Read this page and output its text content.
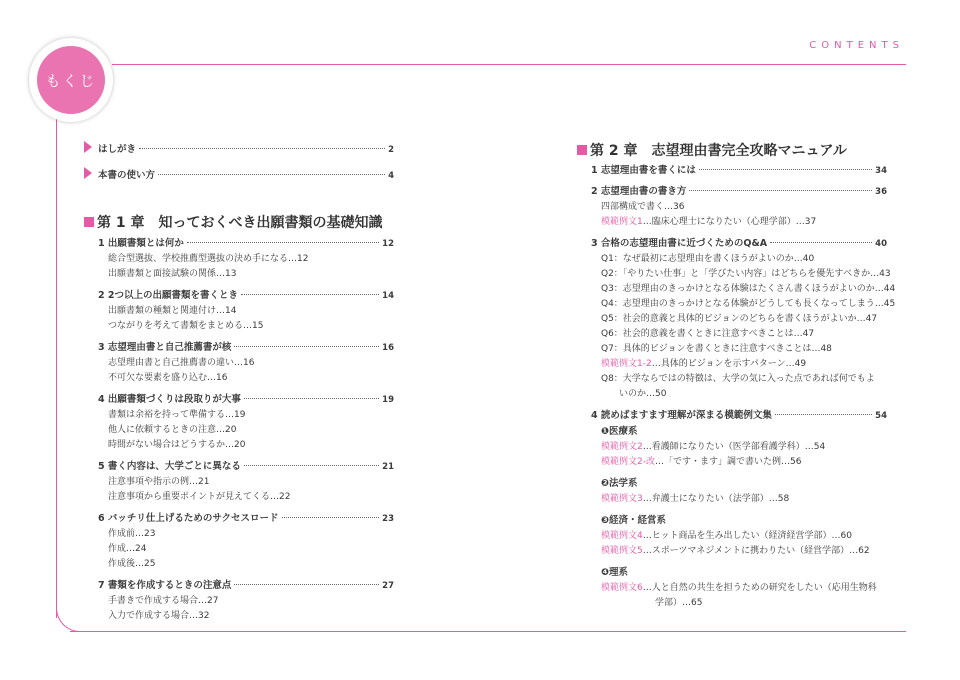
CONTENTS
もくじ
はしがき	2
本書の使い方	4
第 1 章　知っておくべき出願書類の基礎知識
1 出願書類とは何か	12
総合型選抜、学校推薦型選抜の決め手になる…12
出願書類と面接試験の関係…13
2 2つ以上の出願書類を書くとき	14
出願書類の種類と関連付け…14
つながりを考えて書類をまとめる…15
3 志望理由書と自己推薦書が核	16
志望理由書と自己推薦書の違い…16
不可欠な要素を盛り込む…16
4 出願書類づくりは段取りが大事	19
書類は余裕を持って準備する…19
他人に依頼するときの注意…20
時間がない場合はどうするか…20
5 書く内容は、大学ごとに異なる	21
注意事項や指示の例…21
注意事項から重要ポイントが見えてくる…22
6 バッチリ仕上げるためのサクセスロード	23
作成前…23
作成…24
作成後…25
7 書類を作成するときの注意点	27
手書きで作成する場合…27
入力で作成する場合…32
第 2 章　志望理由書完全攻略マニュアル
1 志望理由書を書くには	34
2 志望理由書の書き方	36
四部構成で書く…36
模範例文1…臨床心理士になりたい（心理学部）…37
3 合格の志望理由書に近づくためのQ&A	40
Q1：なぜ最初に志望理由を書くほうがよいのか…40
Q2：「やりたい仕事」と「学びたい内容」はどちらを優先すべきか…43
Q3：志望理由のきっかけとなる体験はたくさん書くほうがよいのか…44
Q4：志望理由のきっかけとなる体験がどうしても長くなってしまう…45
Q5：社会的意義と具体的ビジョンのどちらを書くほうがよいか…47
Q6：社会的意義を書くときに注意すべきことは…47
Q7：具体的ビジョンを書くときに注意すべきことは…48
模範例文1-2…具体的ビジョンを示すパターン…49
Q8：大学ならではの特徴は、大学の気に入った点であれば何でもよ
いのか…50
4 読めばますます理解が深まる模範例文集	54
❶医療系
模範例文2…看護師になりたい（医学部看護学科）…54
模範例文2-改…「です・ます」調で書いた例…56
❷法学系
模範例文3…弁護士になりたい（法学部）…58
❸経済・経営系
模範例文4…ヒット商品を生み出したい（経済経営学部）…60
模範例文5…スポーツマネジメントに携わりたい（経営学部）…62
❹理系
模範例文6…人と自然の共生を担うための研究をしたい（応用生物科
学部）…65
